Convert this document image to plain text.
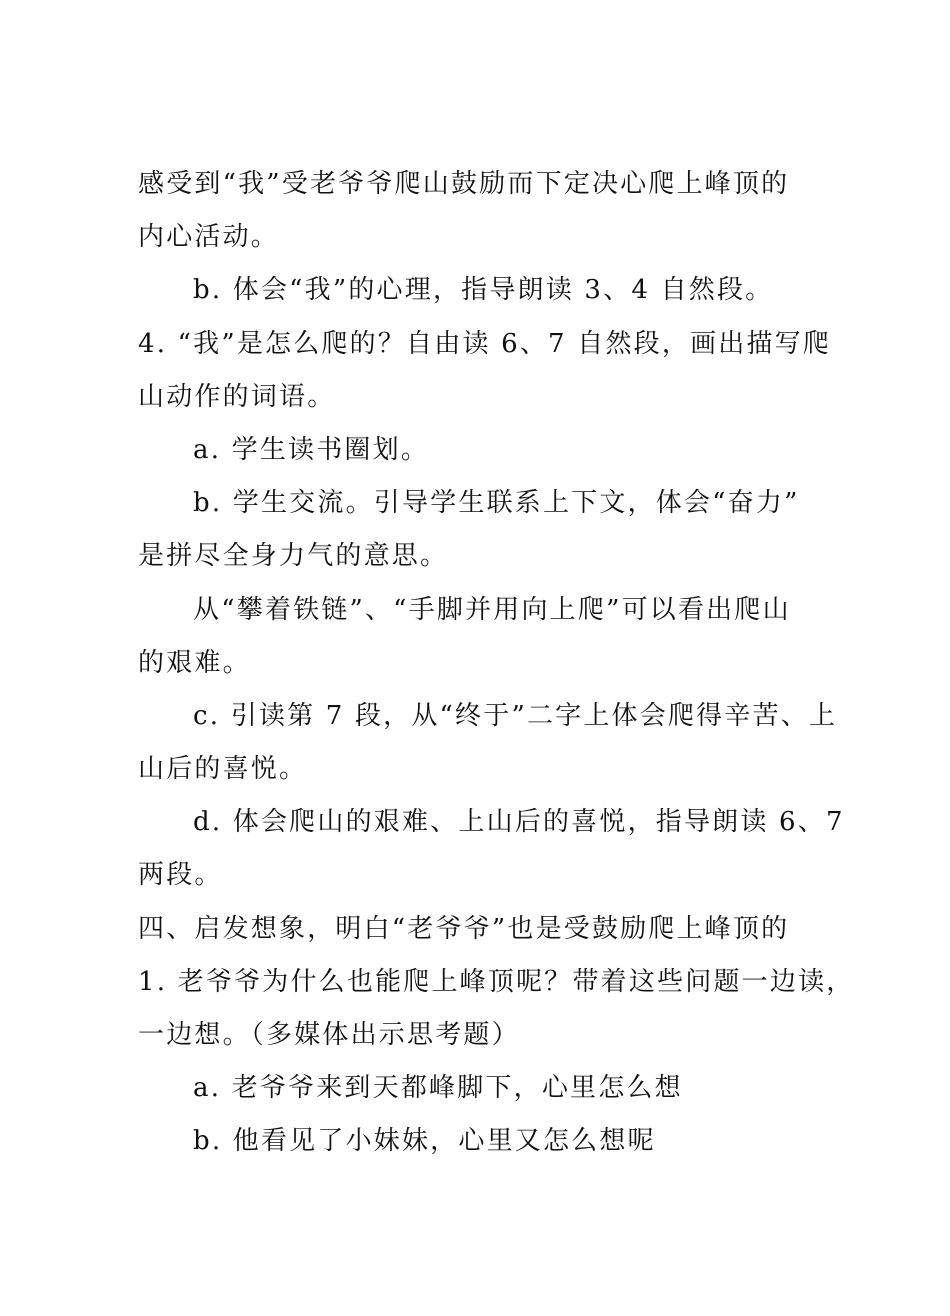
感受到“我”受老爷爷爬山鼓励而下定决心爬上峰顶的
内心活动。
b. 体会“我”的心理，指导朗读 3、4 自然段。
4. “我”是怎么爬的？自由读 6、7 自然段，画出描写爬
山动作的词语。
a. 学生读书圈划。
b. 学生交流。引导学生联系上下文，体会“奋力”
是拼尽全身力气的意思。
从“攀着铁链”、“手脚并用向上爬”可以看出爬山
的艰难。
c. 引读第 7 段，从“终于”二字上体会爬得辛苦、上
山后的喜悦。
d. 体会爬山的艰难、上山后的喜悦，指导朗读 6、7
两段。
四、启发想象，明白“老爷爷”也是受鼓励爬上峰顶的
1. 老爷爷为什么也能爬上峰顶呢？带着这些问题一边读，
一边想。（多媒体出示思考题）
a. 老爷爷来到天都峰脚下，心里怎么想
b. 他看见了小妹妹，心里又怎么想呢
